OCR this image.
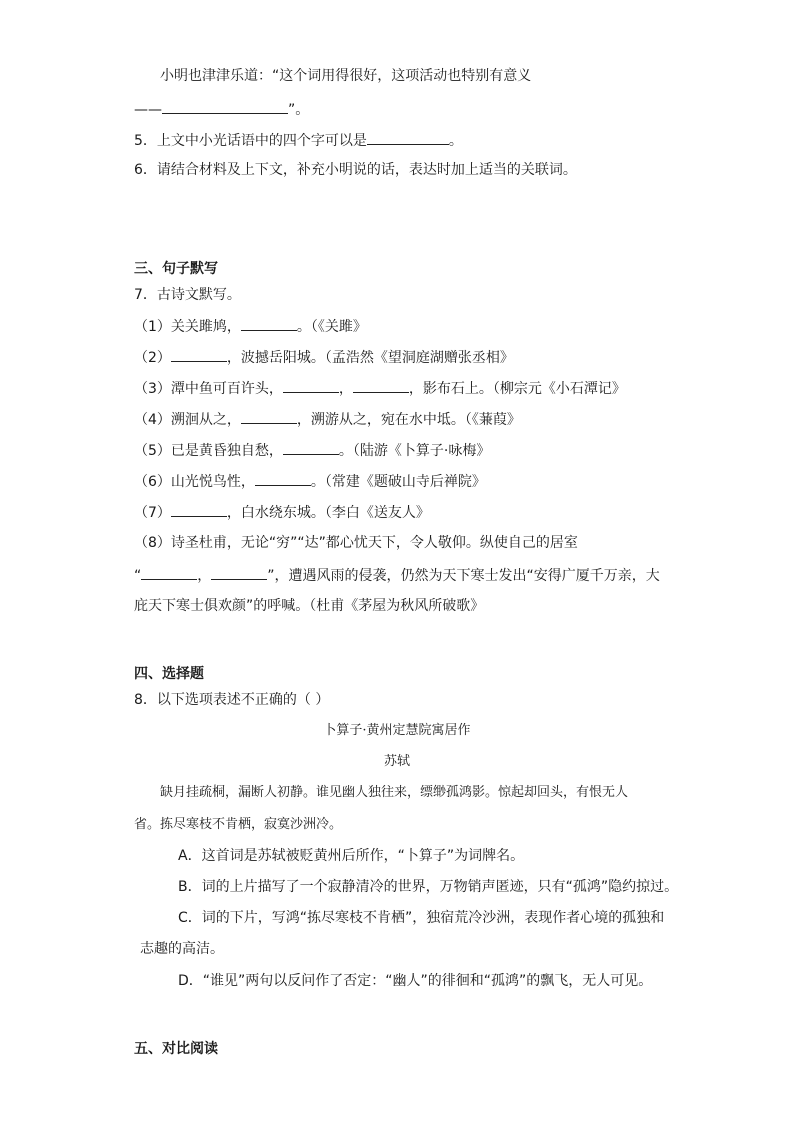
小明也津津乐道：“这个词用得很好，这项活动也特别有意义
——	”。
5．上文中小光话语中的四个字可以是	。
6．请结合材料及上下文，补充小明说的话，表达时加上适当的关联词。
三、句子默写
7．古诗文默写。
（1）关关雎鸠，	。（《关雎》
（2）	，波撼岳阳城。（孟浩然《望洞庭湖赠张丞相》
（3）潭中鱼可百许头，	，	，影布石上。（柳宗元《小石潭记》
（4）溯洄从之，	，溯游从之，宛在水中坻。（《蒹葭》
（5）已是黄昏独自愁，	。（陆游《卜算子·咏梅》
（6）山光悦鸟性，	。（常建《题破山寺后禅院》
（7）	，白水绕东城。（李白《送友人》
（8）诗圣杜甫，无论“穷”“达”都心忧天下，令人敬仰。纵使自己的居室
“	，	”，遭遇风雨的侵袭，仍然为天下寒士发出“安得广厦千万亲，大
庇天下寒士俱欢颜”的呼喊。（杜甫《茅屋为秋风所破歌》
四、选择题
8．以下选项表述不正确的（ ）
卜算子·黄州定慧院寓居作
苏轼
缺月挂疏桐，漏断人初静。谁见幽人独往来，缥缈孤鸿影。惊起却回头，有恨无人
省。拣尽寒枝不肯栖，寂寞沙洲冷。
A．这首词是苏轼被贬黄州后所作，“卜算子”为词牌名。
B．词的上片描写了一个寂静清冷的世界，万物销声匿迹，只有“孤鸿”隐约掠过。
C．词的下片，写鸿“拣尽寒枝不肯栖”，独宿荒冷沙洲，表现作者心境的孤独和
志趣的高洁。
D．“谁见”两句以反问作了否定：“幽人”的徘徊和“孤鸿”的飘飞，无人可见。
五、对比阅读
